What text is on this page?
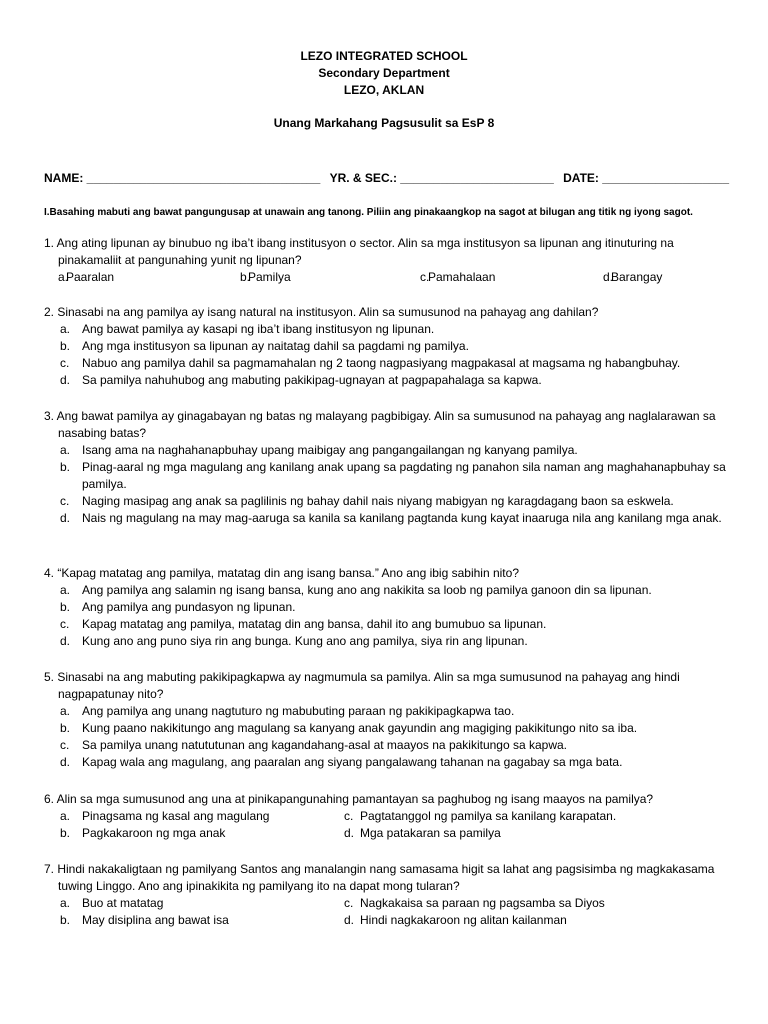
LEZO INTEGRATED SCHOOL
Secondary Department
LEZO, AKLAN
Unang Markahang Pagsusulit sa EsP 8
NAME: ___________________________________ YR. & SEC.: _______________________ DATE: ___________________
I.Basahing mabuti ang bawat pangungusap at unawain ang tanong. Piliin ang pinakaangkop na sagot at bilugan ang titik ng iyong sagot.
1. Ang ating lipunan ay binubuo ng iba’t ibang institusyon o sector. Alin sa mga institusyon sa lipunan ang itinuturing na pinakamaliit at pangunahing yunit ng lipunan?
a.
Paaralan	b.
Pamilya	c.
Pamahalaan	d.
Barangay
2. Sinasabi na ang pamilya ay isang natural na institusyon. Alin sa sumusunod na pahayag ang dahilan?
a. Ang bawat pamilya ay kasapi ng iba’t ibang institusyon ng lipunan.
b. Ang mga institusyon sa lipunan ay naitatag dahil sa pagdami ng pamilya.
c. Nabuo ang pamilya dahil sa pagmamahalan ng 2 taong nagpasiyang magpakasal at magsama ng habangbuhay.
d. Sa pamilya nahuhubog ang mabuting pakikipag-ugnayan at pagpapahalaga sa kapwa.
3. Ang bawat pamilya ay ginagabayan ng batas ng malayang pagbibigay. Alin sa sumusunod na pahayag ang naglalarawan sa nasabing batas?
a. Isang ama na naghahanapbuhay upang maibigay ang pangangailangan ng kanyang pamilya.
b. Pinag-aaral ng mga magulang ang kanilang anak upang sa pagdating ng panahon sila naman ang maghahanapbuhay sa pamilya.
c. Naging masipag ang anak sa paglilinis ng bahay dahil nais niyang mabigyan ng karagdagang baon sa eskwela.
d. Nais ng magulang na may mag-aaruga sa kanila sa kanilang pagtanda kung kayat inaaruga nila ang kanilang mga anak.
4. “Kapag matatag ang pamilya, matatag din ang isang bansa.” Ano ang ibig sabihin nito?
a. Ang pamilya ang salamin ng isang bansa, kung ano ang nakikita sa loob ng pamilya ganoon din sa lipunan.
b. Ang pamilya ang pundasyon ng lipunan.
c. Kapag matatag ang pamilya, matatag din ang bansa, dahil ito ang bumubuo sa lipunan.
d. Kung ano ang puno siya rin ang bunga. Kung ano ang pamilya, siya rin ang lipunan.
5. Sinasabi na ang mabuting pakikipagkapwa ay nagmumula sa pamilya. Alin sa mga sumusunod na pahayag ang hindi nagpapatunay nito?
a. Ang pamilya ang unang nagtuturo ng mabubuting paraan ng pakikipagkapwa tao.
b. Kung paano nakikitungo ang magulang sa kanyang anak gayundin ang magiging pakikitungo nito sa iba.
c. Sa pamilya unang natututunan ang kagandahang-asal at maayos na pakikitungo sa kapwa.
d. Kapag wala ang magulang, ang paaralan ang siyang pangalawang tahanan na gagabay sa mga bata.
6. Alin sa mga sumusunod ang una at pinikapangunahing pamantayan sa paghubog ng isang maayos na pamilya?
a. Pinagsama ng kasal ang magulang	c. Pagtatanggol ng pamilya sa kanilang karapatan.
b. Pagkakaroon ng mga anak	d. Mga patakaran sa pamilya
7. Hindi nakakaligtaan ng pamilyang Santos ang manalangin nang samasama higit sa lahat ang pagsisimba ng magkakasama tuwing Linggo. Ano ang ipinakikita ng pamilyang ito na dapat mong tularan?
a. Buo at matatag	c. Nagkakaisa sa paraan ng pagsamba sa Diyos
b. May disiplina ang bawat isa	d. Hindi nagkakaroon ng alitan kailanman
